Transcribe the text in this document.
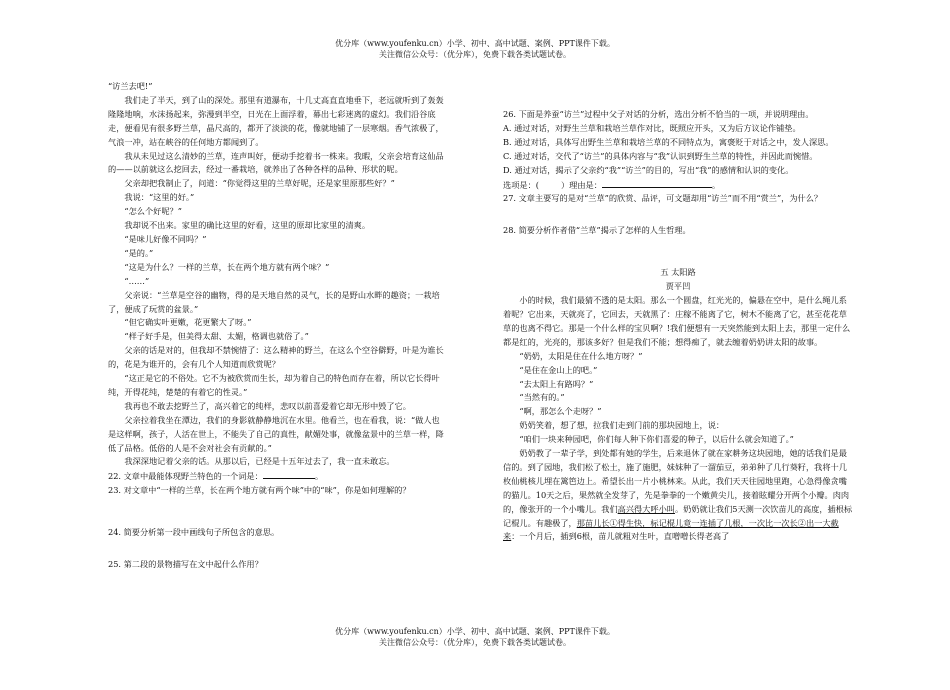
优分库（www.youfenku.cn）小学、初中、高中试题、案例、PPT课件下载。
关注微信公众号：（优分库），免费下载各类试题试卷。

“访兰去吧!”

我们走了半天，到了山的深处。那里有道瀑布，十几丈高直直地垂下，老远就听到了轰轰隆隆地响，水沫扬起来，弥漫到半空，日光在上面浮着，幕出七彩迷离的虚幻。我们沿谷底走，便看见有很多野兰草，晶尺高的，都开了淡淡的花，像就地铺了一层寒烟。香气浓极了，气浪一冲，站在峡谷的任何地方都闻到了。

我从未见过这么清妙的兰草，连声叫好，便动手挖着书一株来。我暇，父亲会培育这仙品的——以前就这么挖回去，经过一番栽培，就养出了各种各样的品种、形状的呢。

父亲却把我制止了，问道：“你觉得这里的兰草好呢，还是家里原那些好？”

我说：“这里的好。”

“怎么个好呢？”

我却说不出来。家里的确比这里的好看，这里的原却比家里的清爽。

“是味儿好像不同吗？”

“是的。”

“这是为什么？一样的兰草，长在两个地方就有两个味？”

“……”

父亲说：“兰草是空谷的幽物，得的是天地自然的灵气，长的是野山水畔的趣资；一栽培了，便成了玩赏的盆景。”

“但它确实叶更嫩，花更繁大了呀。”

“样子好手是，但美得太甜、太媚，格调也就俗了。”

父亲的话是对的，但我却不禁惋惜了：这么精神的野兰，在这么个空谷僻野，叶是为谁长的，花是为谁开的，会有几个人知道而欣赏呢？

“这正是它的不俗处。它不为被欣赏而生长，却为着自己的特色而存在着，所以它长得叶纯，开得花纯，楚楚的有着它的性灵。”

我再也不敢去挖野兰了，高兴着它的纯样，悲叹以前喜爱着它却无形中毁了它。

父亲拉着我坐在潭边，我们的身影就静静地沉在水里。他看兰，也在看我，说：“做人也是这样啊，孩子，人活在世上，不能失了自己的真性，献媚处事，就像盆景中的兰草一样，降低了品格。低俗的人是不会对社会有贡献的。”

我深深地记着父亲的话。从那以后，已经是十五年过去了，我一直未敢忘。

22. 文章中最能体现野兰特色的一个词是：	。

23. 对文章中“一样的兰草，长在两个地方就有两个味”中的“味”，你是如何理解的？

24. 简要分析第一段中画线句子所包含的意思。

25. 第二段的景物描写在文中起什么作用？

26. 下面是养蚕“访兰”过程中父子对话的分析，选出分析不恰当的一项，并说明理由。

A. 通过对话，对野生兰草和栽培兰草作对比，既照应开头，又为后方议论作铺垫。

B. 通过对话，具体写出野生兰草和栽培兰草的不同特点为，寓褒贬于对话之中，发人深思。

C. 通过对话，交代了“访兰”的具体内容与“我”认识到野生兰草的特性，并因此而惋惜。

D. 通过对话，揭示了父亲约“我”“访兰”的目的，写出“我”的感情和认识的变化。

选项是：(	）理由是：	。

27. 文章主要写的是对“兰草”的欣赏、品评，可文题却用“访兰”而不用“赏兰”，为什么？

28. 简要分析作者借“兰草”揭示了怎样的人生哲理。

五 太阳路

贾平凹

小的时候，我们最猜不透的是太阳。那么一个圆盘，红光光的，偏悬在空中，是什么绳儿系着呢？它出来，天就亮了，它回去，天就黑了：庄稼不能离了它，树木不能离了它，甚至花花草草的也离不得它。那是一个什么样的宝贝啊？!我们便想有一天突然能到太阳上去，那里一定什么都是红的，光亮的，那该多好？但是我们不能；想得痴了，就去缠着奶奶讲太阳的故事。

“奶奶，太阳是住在什么地方呀？”

“是住在金山上的吧。”

“去太阳上有路吗？”

“当然有的。”

“啊，那怎么个走呀？”

奶奶笑着，想了想，拉我们走到门前的那块园地上，说：

“咱们一块来种园吧，你们每人种下你们喜爱的种子，以后什么就会知道了。”

奶奶教了一辈子学，到处都有她的学生，后来退休了就在家耕务这块园地，她的话我们是最信的。到了园地，我们松了松土，施了施肥，妹妹种了一溜茄豆，弟弟种了几行葵籽，我将十几枚仙桃核儿埋在篱笆边上。希望长出一片小桃林来。从此，我们天天往园地里跑，心急得像贪嘴的猫儿。10天之后，果然就全发芽了，先是拳拳的一个嫩黄尖儿，接着眩耀分开两个小瓣。肉肉的，像张开的一个小嘴儿。我们高兴得大呼小叫。奶奶就让我们5天测一次饮苗儿的高度，插根标记棍儿。有趣极了，那苗儿长①得生快，标记棍儿竟一连插了几根，一次比一次长②出一大截来：一个月后，插到6根，苗儿就粗对生叶，直噌噌长得老高了

优分库（www.youfenku.cn）小学、初中、高中试题、案例、PPT课件下载。
关注微信公众号：（优分库），免费下载各类试题试卷。
